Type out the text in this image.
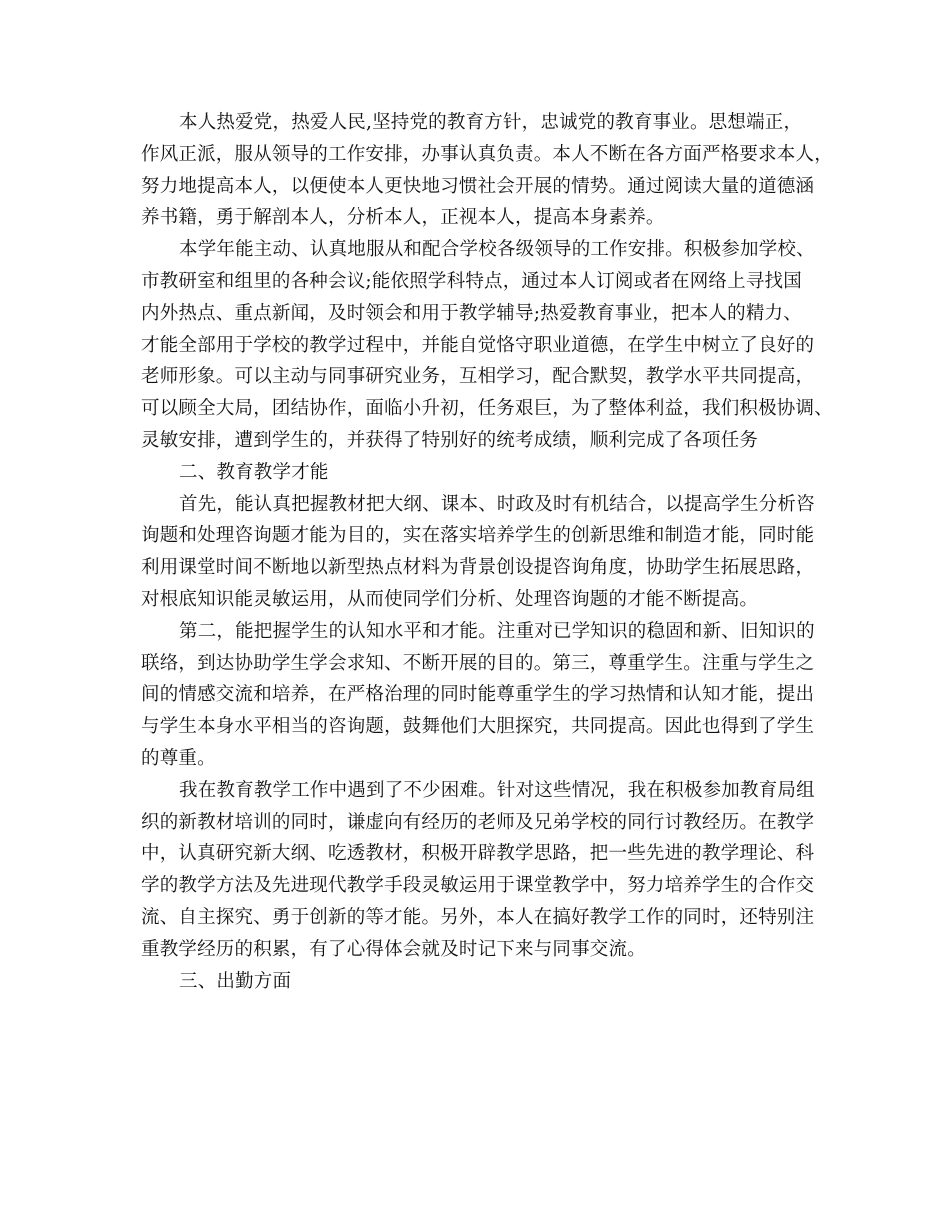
本人热爱党，热爱人民,坚持党的教育方针，忠诚党的教育事业。思想端正，
作风正派，服从领导的工作安排，办事认真负责。本人不断在各方面严格要求本人，
努力地提高本人，以便使本人更快地习惯社会开展的情势。通过阅读大量的道德涵
养书籍，勇于解剖本人，分析本人，正视本人，提高本身素养。
本学年能主动、认真地服从和配合学校各级领导的工作安排。积极参加学校、
市教研室和组里的各种会议;能依照学科特点，通过本人订阅或者在网络上寻找国
内外热点、重点新闻，及时领会和用于教学辅导;热爱教育事业，把本人的精力、
才能全部用于学校的教学过程中，并能自觉恪守职业道德，在学生中树立了良好的
老师形象。可以主动与同事研究业务，互相学习，配合默契，教学水平共同提高，
可以顾全大局，团结协作，面临小升初，任务艰巨，为了整体利益，我们积极协调、
灵敏安排，遭到学生的，并获得了特别好的统考成绩，顺利完成了各项任务
二、教育教学才能
首先，能认真把握教材把大纲、课本、时政及时有机结合，以提高学生分析咨
询题和处理咨询题才能为目的，实在落实培养学生的创新思维和制造才能，同时能
利用课堂时间不断地以新型热点材料为背景创设提咨询角度，协助学生拓展思路，
对根底知识能灵敏运用，从而使同学们分析、处理咨询题的才能不断提高。
第二，能把握学生的认知水平和才能。注重对已学知识的稳固和新、旧知识的
联络，到达协助学生学会求知、不断开展的目的。第三，尊重学生。注重与学生之
间的情感交流和培养，在严格治理的同时能尊重学生的学习热情和认知才能，提出
与学生本身水平相当的咨询题，鼓舞他们大胆探究，共同提高。因此也得到了学生
的尊重。
我在教育教学工作中遇到了不少困难。针对这些情况，我在积极参加教育局组
织的新教材培训的同时，谦虚向有经历的老师及兄弟学校的同行讨教经历。在教学
中，认真研究新大纲、吃透教材，积极开辟教学思路，把一些先进的教学理论、科
学的教学方法及先进现代教学手段灵敏运用于课堂教学中，努力培养学生的合作交
流、自主探究、勇于创新的等才能。另外，本人在搞好教学工作的同时，还特别注
重教学经历的积累，有了心得体会就及时记下来与同事交流。
三、出勤方面
